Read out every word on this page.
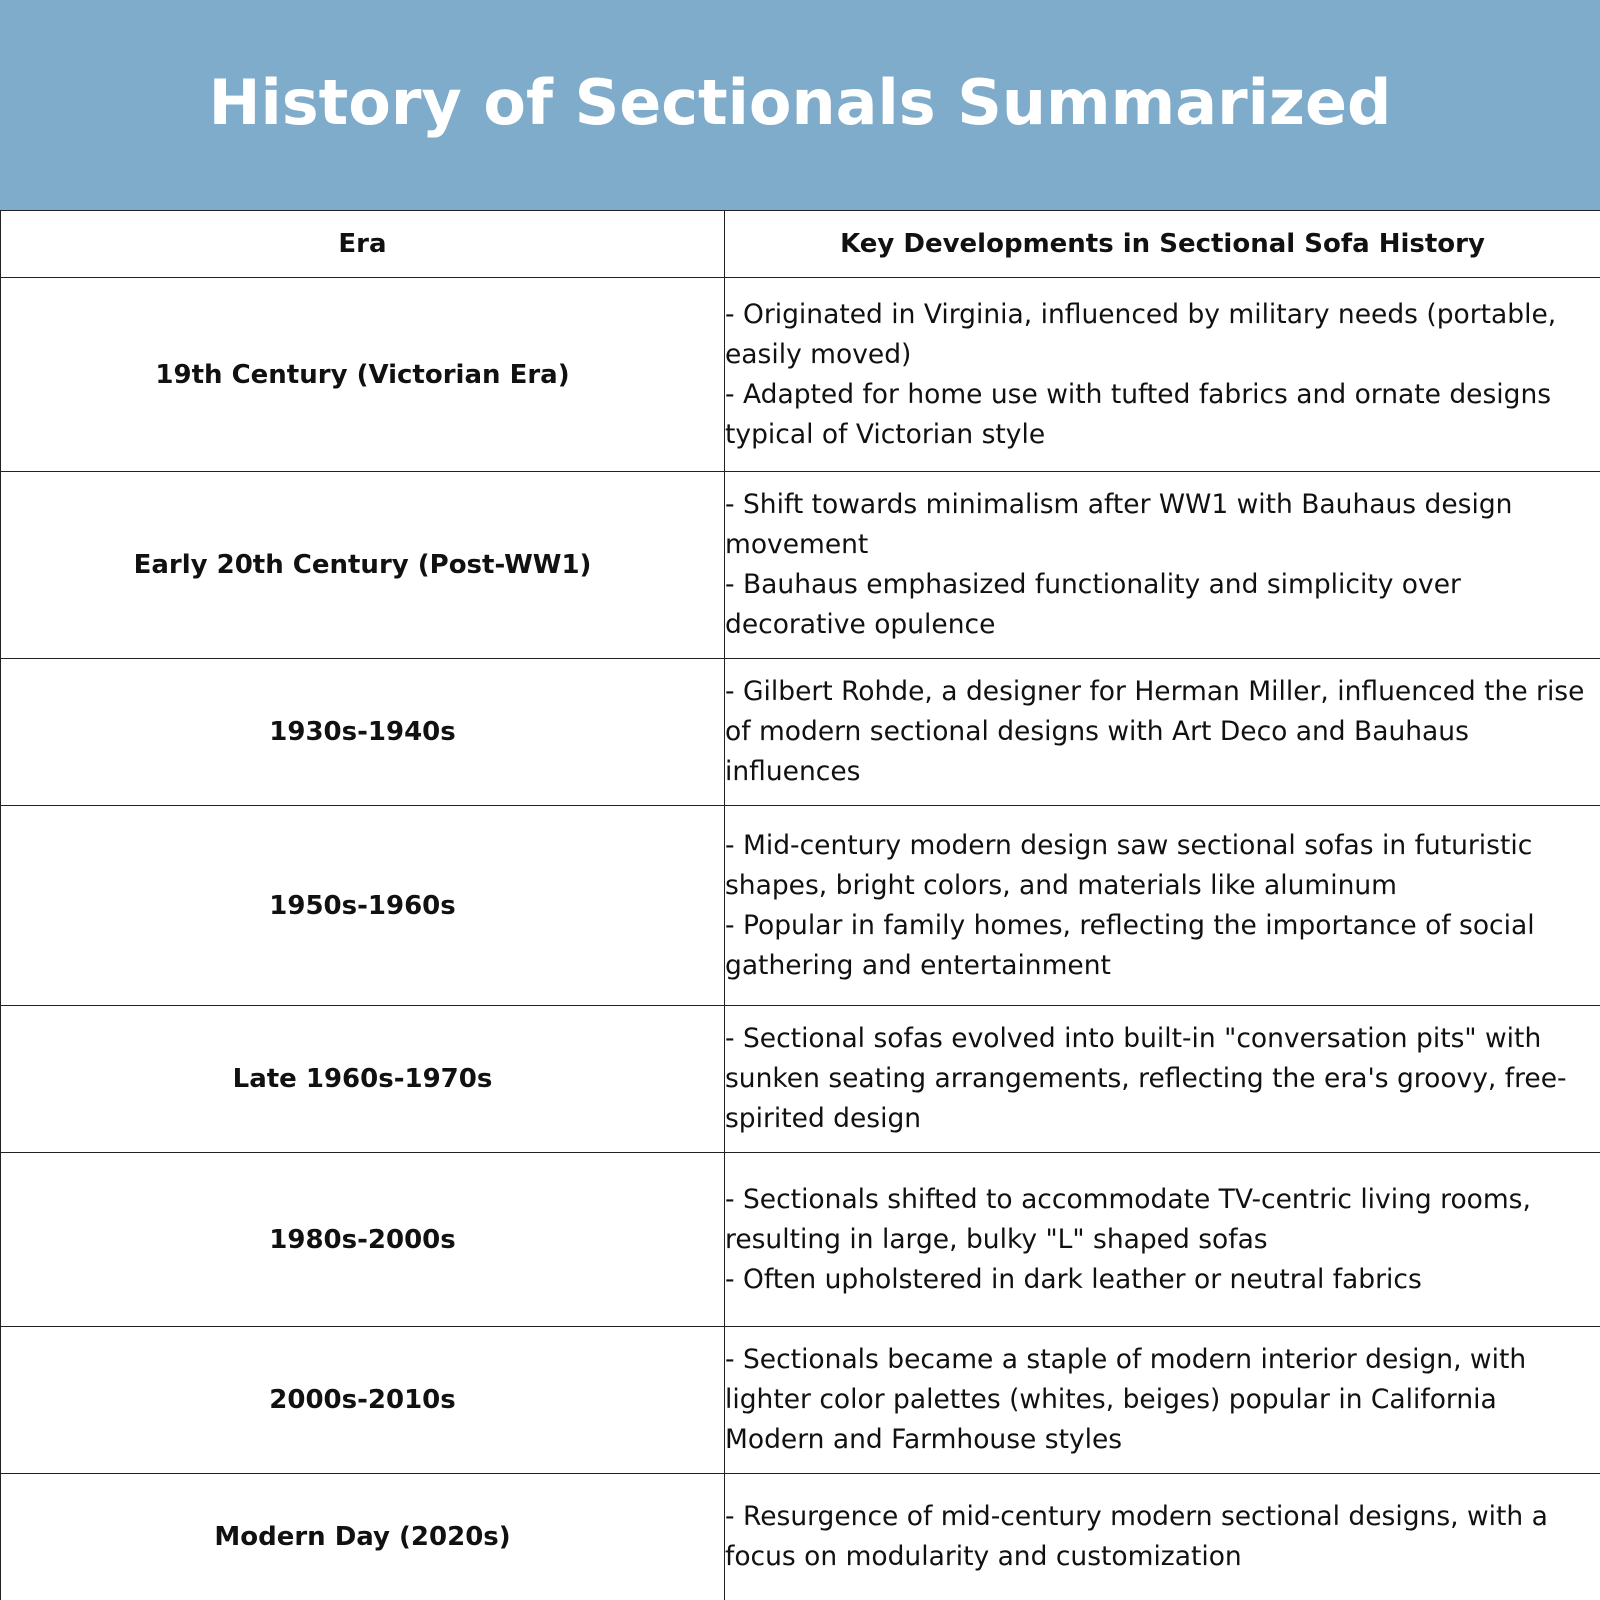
History of Sectionals Summarized
Era	Key Developments in Sectional Sofa History
19th Century (Victorian Era)	- Originated in Virginia, influenced by military needs (portable, easily moved)
- Adapted for home use with tufted fabrics and ornate designs typical of Victorian style

Early 20th Century (Post-WW1)	- Shift towards minimalism after WW1 with Bauhaus design movement
- Bauhaus emphasized functionality and simplicity over decorative opulence

1930s-1940s	- Gilbert Rohde, a designer for Herman Miller, influenced the rise of modern sectional designs with Art Deco and Bauhaus influences

1950s-1960s	- Mid-century modern design saw sectional sofas in futuristic shapes, bright colors, and materials like aluminum
- Popular in family homes, reflecting the importance of social gathering and entertainment

Late 1960s-1970s	- Sectional sofas evolved into built-in "conversation pits" with sunken seating arrangements, reflecting the era's groovy, free-spirited design

1980s-2000s	- Sectionals shifted to accommodate TV-centric living rooms, resulting in large, bulky "L" shaped sofas
- Often upholstered in dark leather or neutral fabrics

2000s-2010s	- Sectionals became a staple of modern interior design, with lighter color palettes (whites, beiges) popular in California Modern and Farmhouse styles

Modern Day (2020s)	- Resurgence of mid-century modern sectional designs, with a focus on modularity and customization
